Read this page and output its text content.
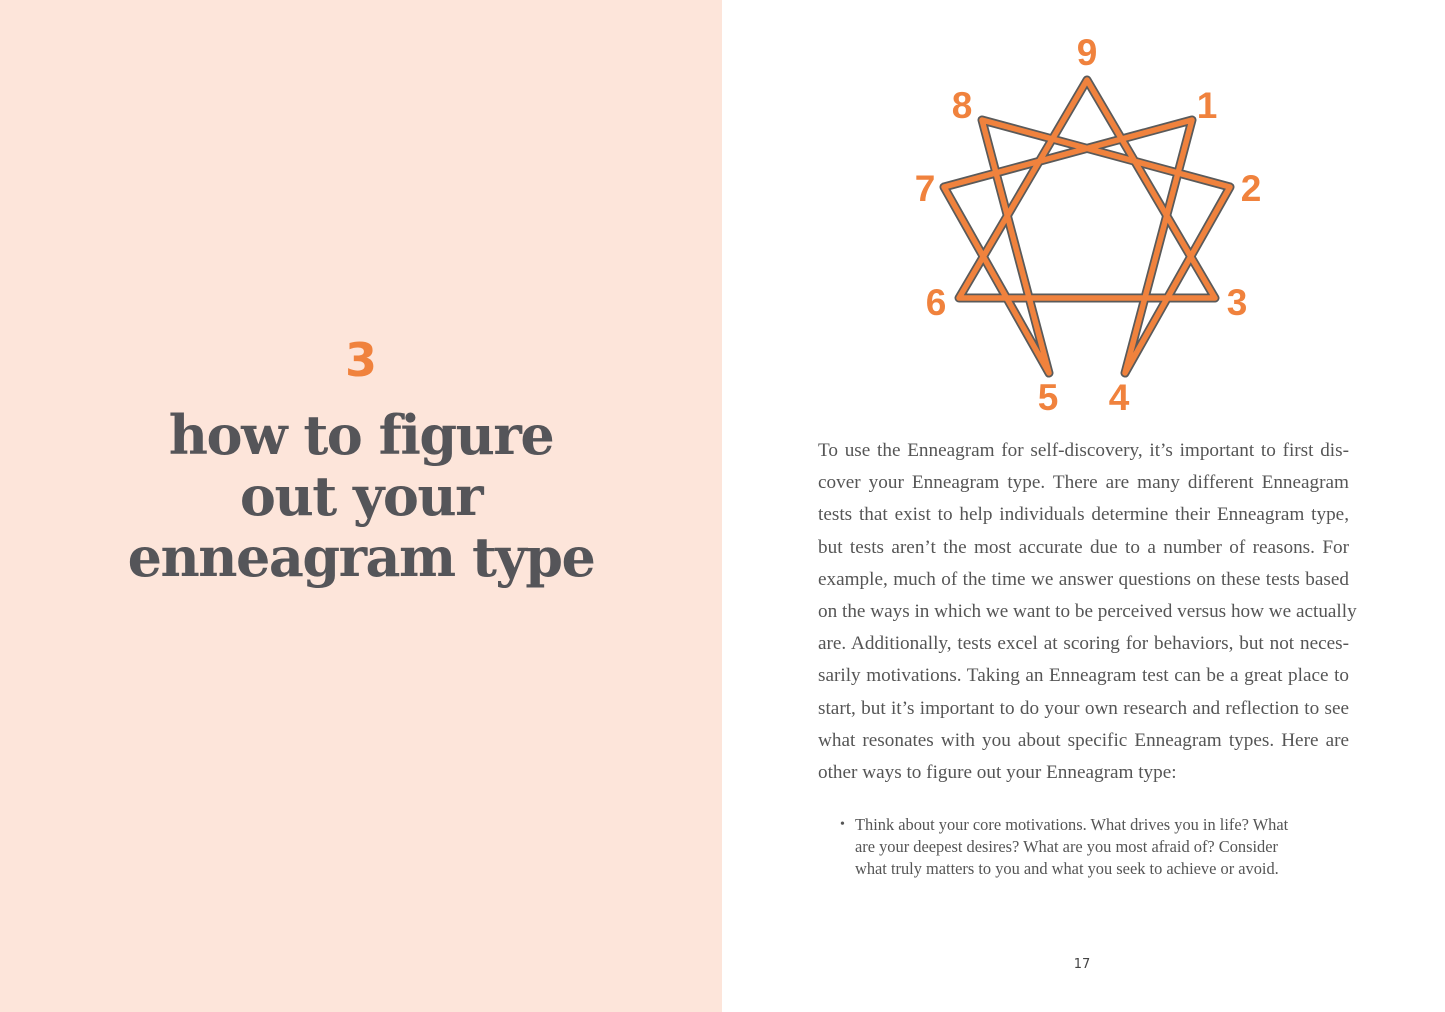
3
how to figure
out your
enneagram type
9
1
2
3
4
5
6
7
8
To use the Enneagram for self-discovery, it’s important to first dis-
cover your Enneagram type. There are many different Enneagram
tests that exist to help individuals determine their Enneagram type,
but tests aren’t the most accurate due to a number of reasons. For
example, much of the time we answer questions on these tests based
on the ways in which we want to be perceived versus how we actually
are. Additionally, tests excel at scoring for behaviors, but not neces-
sarily motivations. Taking an Enneagram test can be a great place to
start, but it’s important to do your own research and reflection to see
what resonates with you about specific Enneagram types. Here are
other ways to figure out your Enneagram type:
• Think about your core motivations. What drives you in life? What
are your deepest desires? What are you most afraid of? Consider
what truly matters to you and what you seek to achieve or avoid.
17
